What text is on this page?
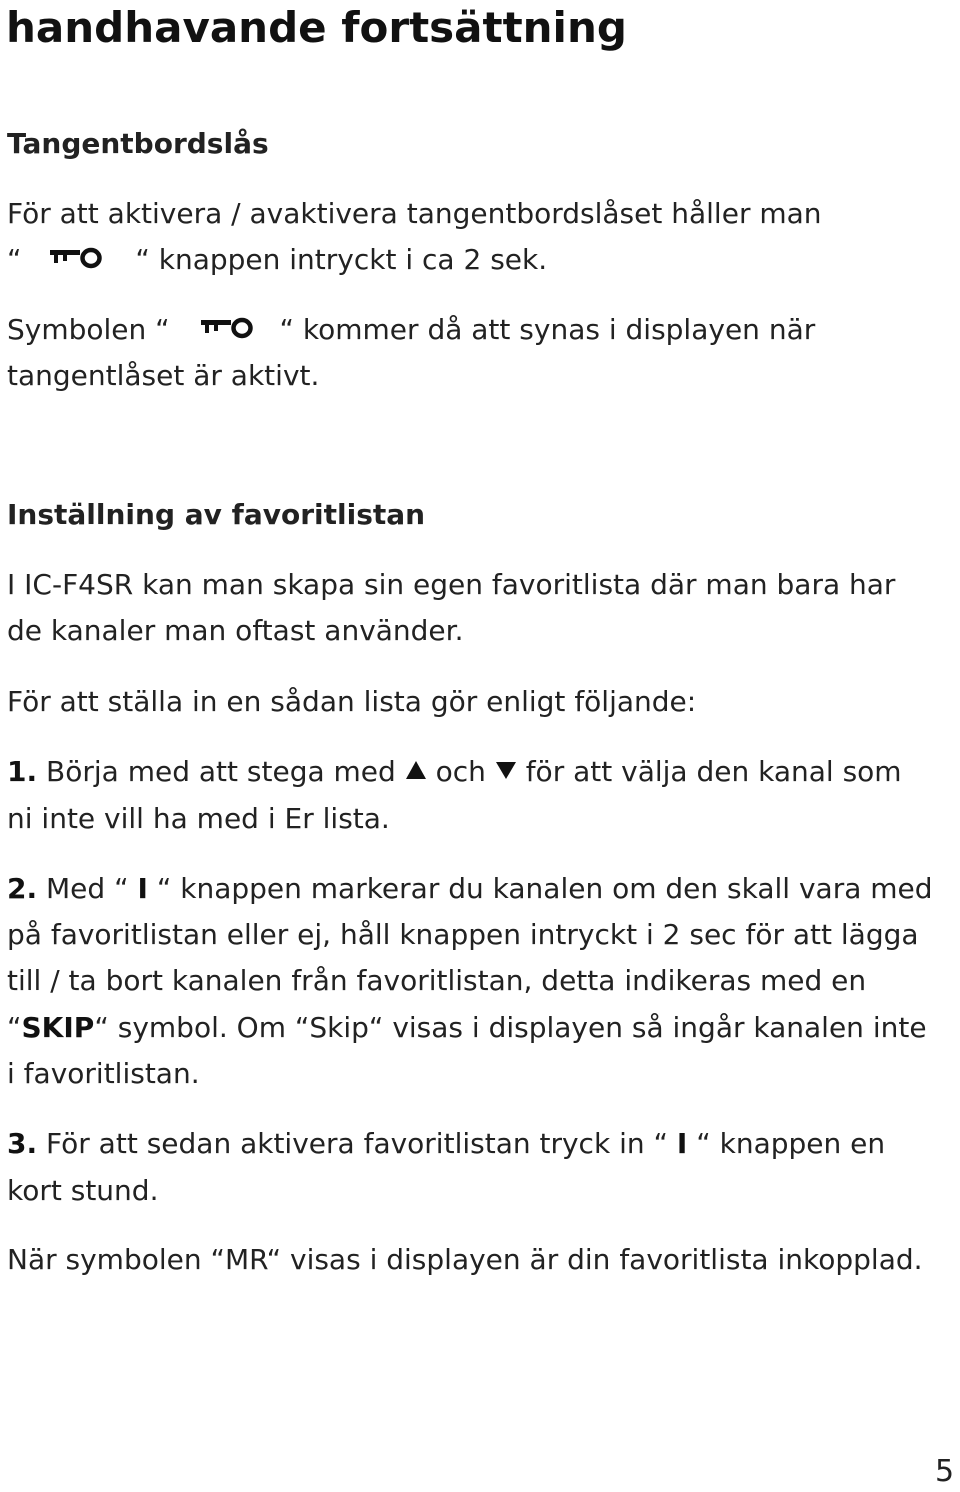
handhavande fortsättning

Tangentbordslås

För att aktivera / avaktivera tangentbordslåset håller man

“	“ knappen intryckt i ca 2 sek.

Symbolen “	“ kommer då att synas i displayen när

tangentlåset är aktivt.

Inställning av favoritlistan

I IC-F4SR kan man skapa sin egen favoritlista där man bara har

de kanaler man oftast använder.

För att ställa in en sådan lista gör enligt följande:

1. Börja med att stega med  och  för att välja den kanal som

ni inte vill ha med i Er lista.

2. Med “ I “ knappen markerar du kanalen om den skall vara med

på favoritlistan eller ej, håll knappen intryckt i 2 sec för att lägga

till / ta bort kanalen från favoritlistan, detta indikeras med en

“SKIP“ symbol. Om “Skip“ visas i displayen så ingår kanalen inte

i favoritlistan.

3. För att sedan aktivera favoritlistan tryck in “ I “ knappen en

kort stund.

När symbolen “MR“ visas i displayen är din favoritlista inkopplad.

5
